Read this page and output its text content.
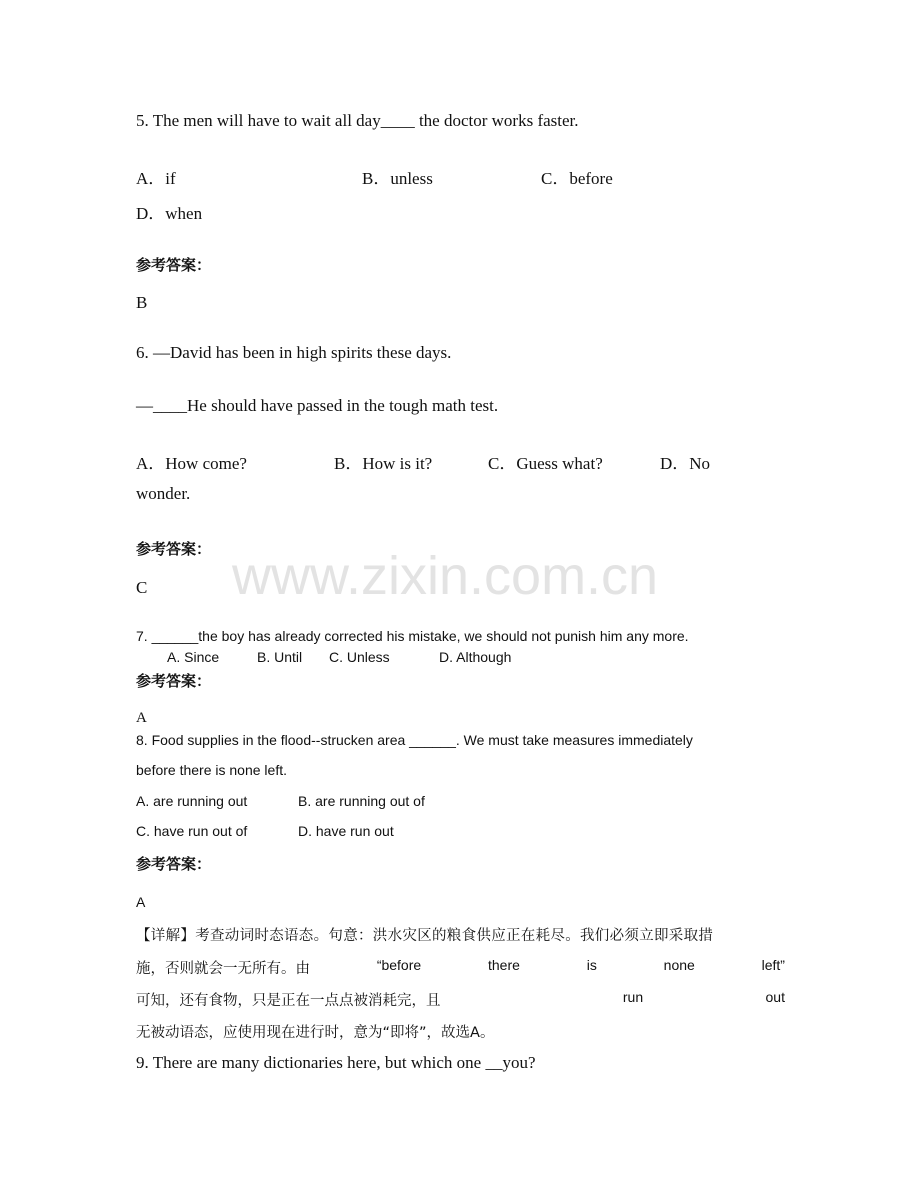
www.zixin.com.cn
5. The men will have to wait all day____ the doctor works faster.
A．if	B．unless	C．before
D．when
参考答案：
B
6. —David has been in high spirits these days.
—____He should have passed in the tough math test.
A．How come?	B．How is it?	C．Guess what?	D．No
wonder.
参考答案：
C
7. ______the boy has already corrected his mistake, we should not punish him any more.
A. Since	B. Until C. Unless	D. Although
参考答案：
A
8. Food supplies in the flood--strucken area ______. We must take measures immediately
before there is none left.
A. are running out	B. are running out of
C. have run out of	D. have run out
参考答案：
A
【详解】考查动词时态语态。句意：洪水灾区的粮食供应正在耗尽。我们必须立即采取措
施，否则就会一无所有。由	“before	there	is	none	left”
可知，还有食物，只是正在一点点被消耗完，且	run	out
无被动语态，应使用现在进行时，意为“即将”，故选A。
9. There are many dictionaries here, but which one __you?
